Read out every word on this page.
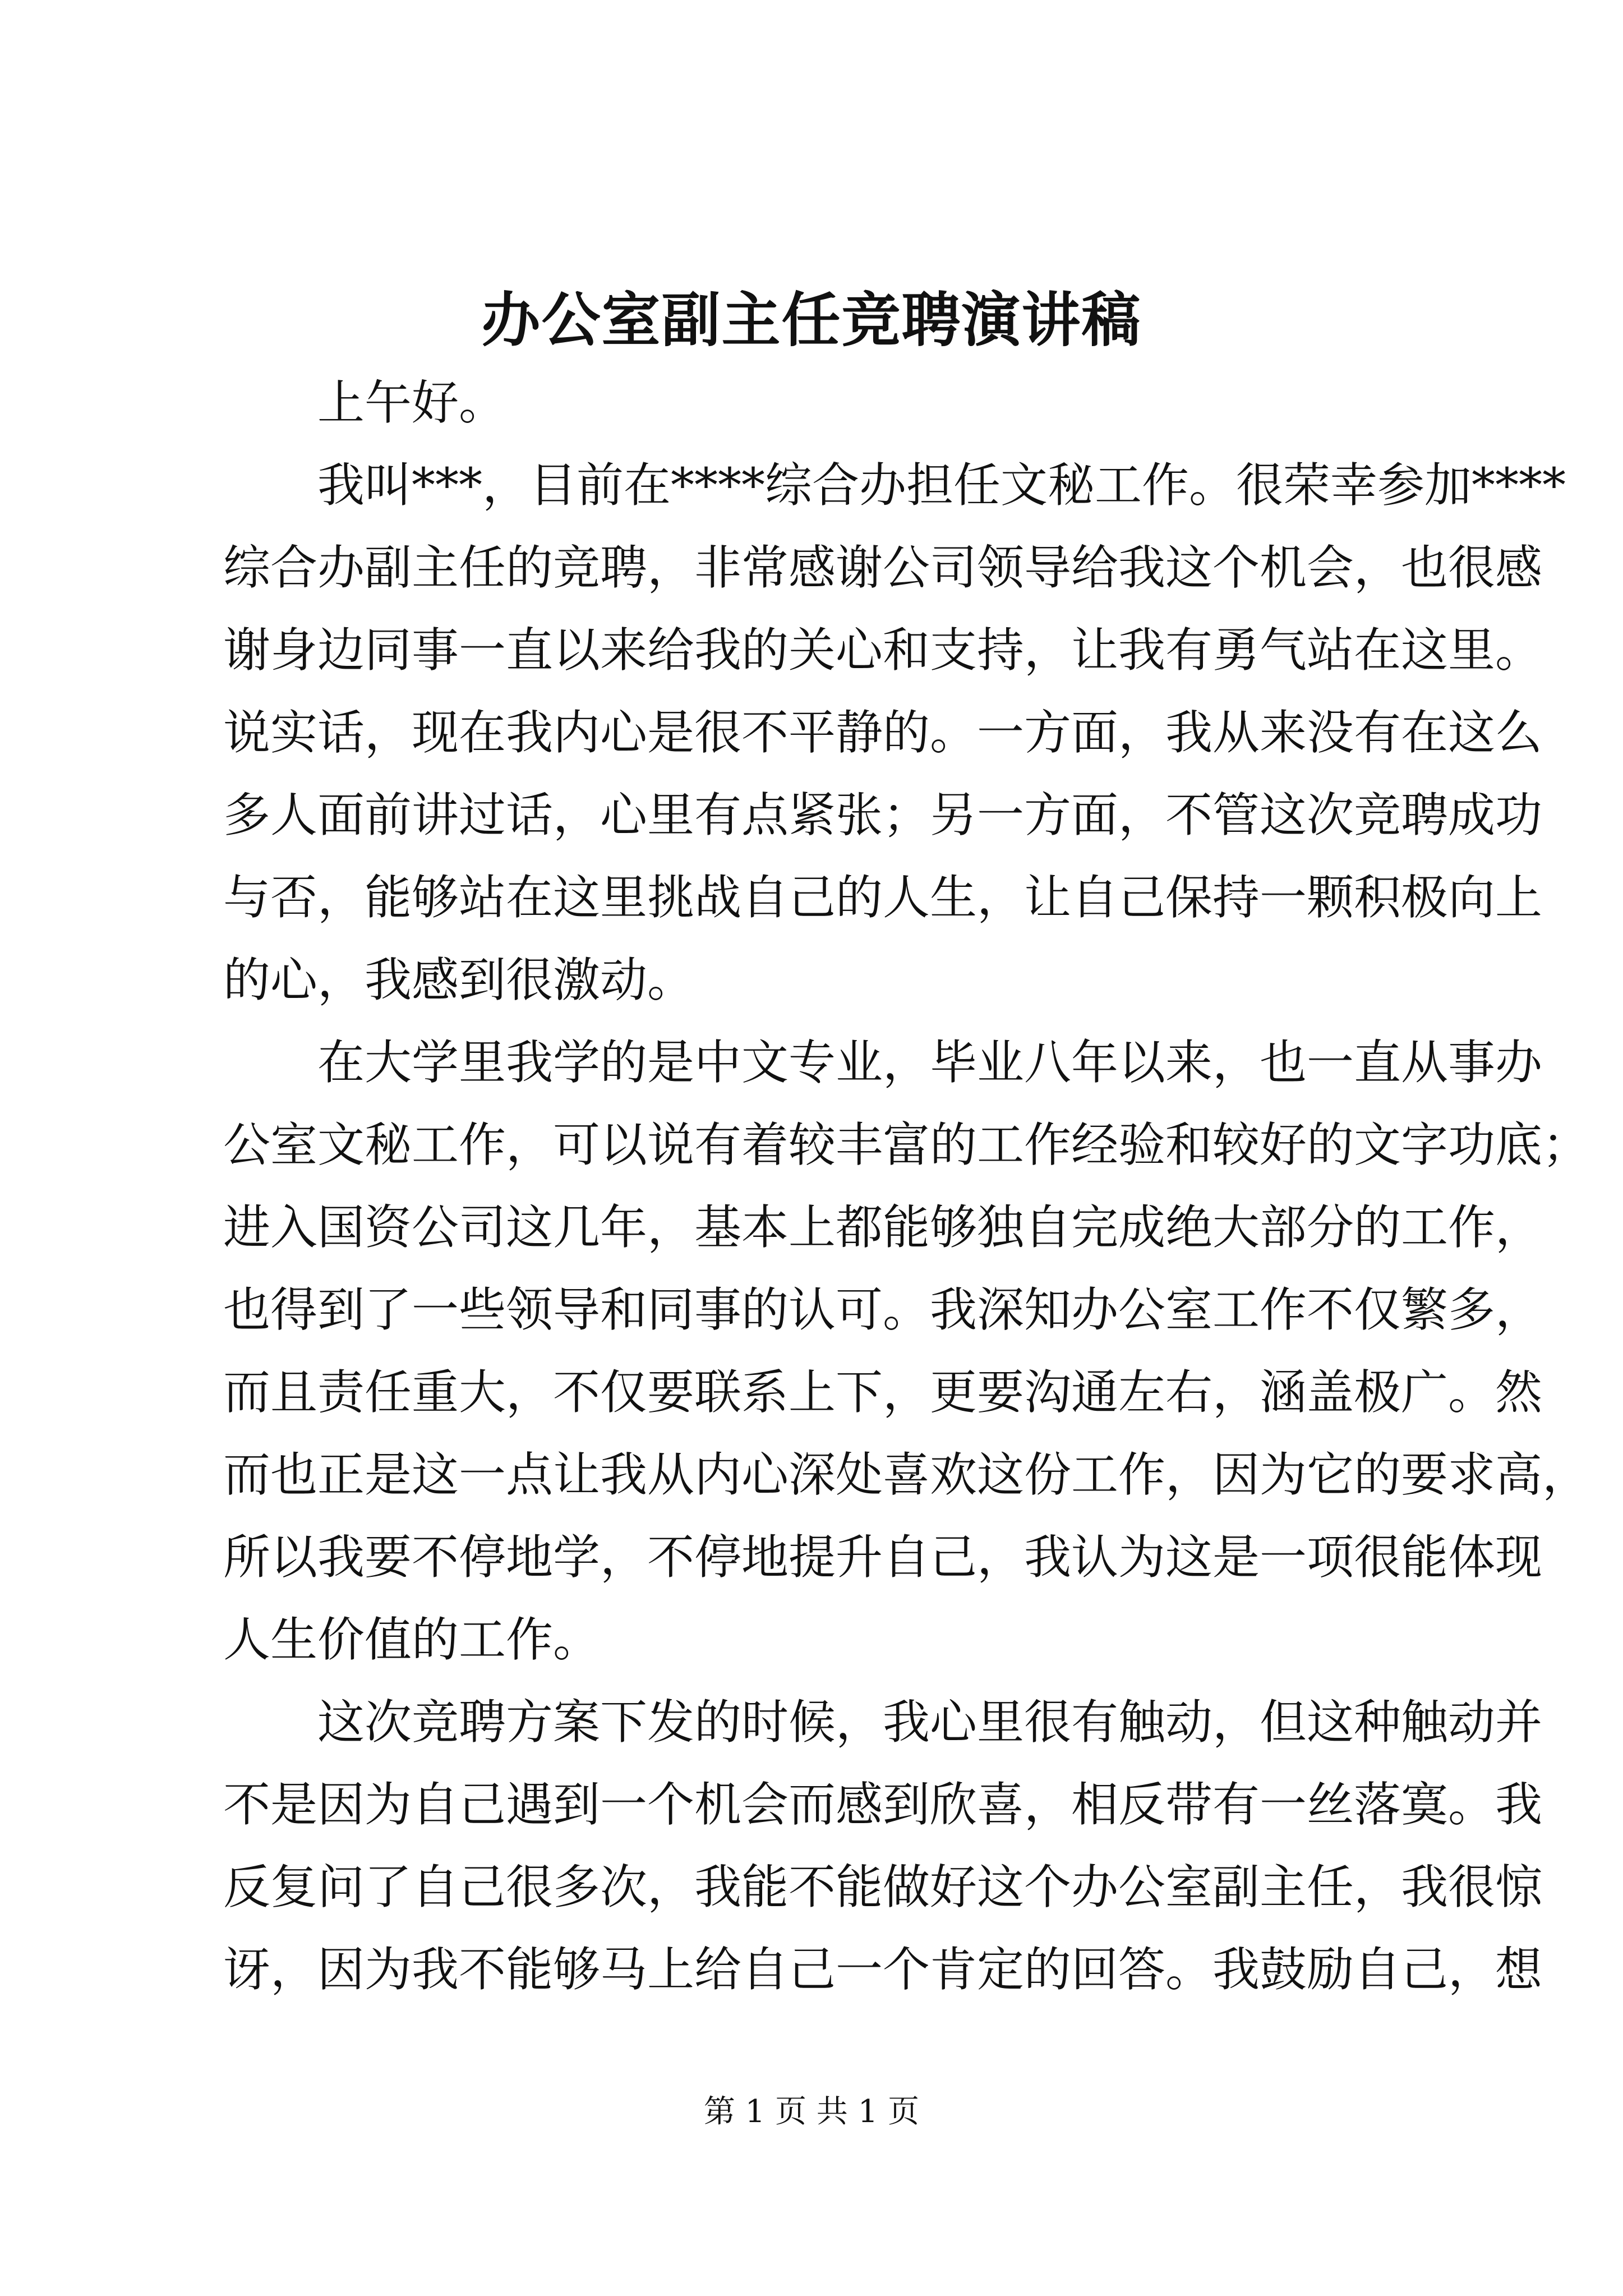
办公室副主任竞聘演讲稿
上午好。
我叫***，目前在****综合办担任文秘工作。很荣幸参加****
综合办副主任的竞聘，非常感谢公司领导给我这个机会，也很感
谢身边同事一直以来给我的关心和支持，让我有勇气站在这里。
说实话，现在我内心是很不平静的。一方面，我从来没有在这么
多人面前讲过话，心里有点紧张；另一方面，不管这次竞聘成功
与否，能够站在这里挑战自己的人生，让自己保持一颗积极向上
的心，我感到很激动。
在大学里我学的是中文专业，毕业八年以来，也一直从事办
公室文秘工作，可以说有着较丰富的工作经验和较好的文字功底；
进入国资公司这几年，基本上都能够独自完成绝大部分的工作，
也得到了一些领导和同事的认可。我深知办公室工作不仅繁多，
而且责任重大，不仅要联系上下，更要沟通左右，涵盖极广。然
而也正是这一点让我从内心深处喜欢这份工作，因为它的要求高，
所以我要不停地学，不停地提升自己，我认为这是一项很能体现
人生价值的工作。
这次竞聘方案下发的时候，我心里很有触动，但这种触动并
不是因为自己遇到一个机会而感到欣喜，相反带有一丝落寞。我
反复问了自己很多次，我能不能做好这个办公室副主任，我很惊
讶，因为我不能够马上给自己一个肯定的回答。我鼓励自己，想
第 1 页 共 1 页
